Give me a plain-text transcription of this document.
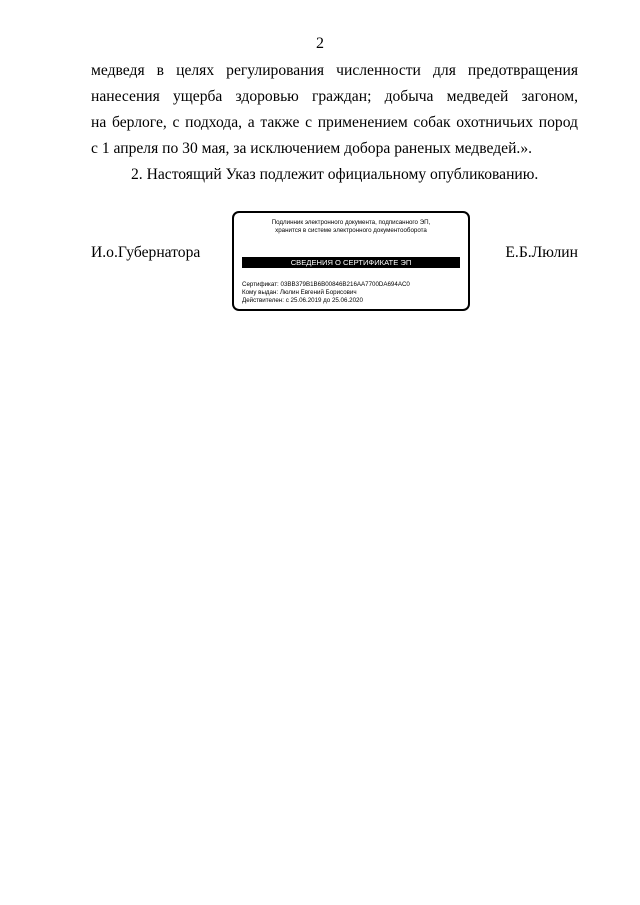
2
медведя в целях регулирования численности для предотвращения
нанесения ущерба здоровью граждан; добыча медведей загоном,
на берлоге, с подхода, а также с применением собак охотничьих пород
с 1 апреля по 30 мая, за исключением добора раненых медведей.».
2. Настоящий Указ подлежит официальному опубликованию.
И.о.Губернатора
Подлинник электронного документа, подписанного ЭП,
хранится в системе электронного документооборота
СВЕДЕНИЯ О СЕРТИФИКАТЕ ЭП
Сертификат: 03BB379B1B6B00846B216AA7700DA694AC0
Кому выдан: Люлин Евгений Борисович
Действителен: с 25.06.2019 до 25.06.2020
Е.Б.Люлин
